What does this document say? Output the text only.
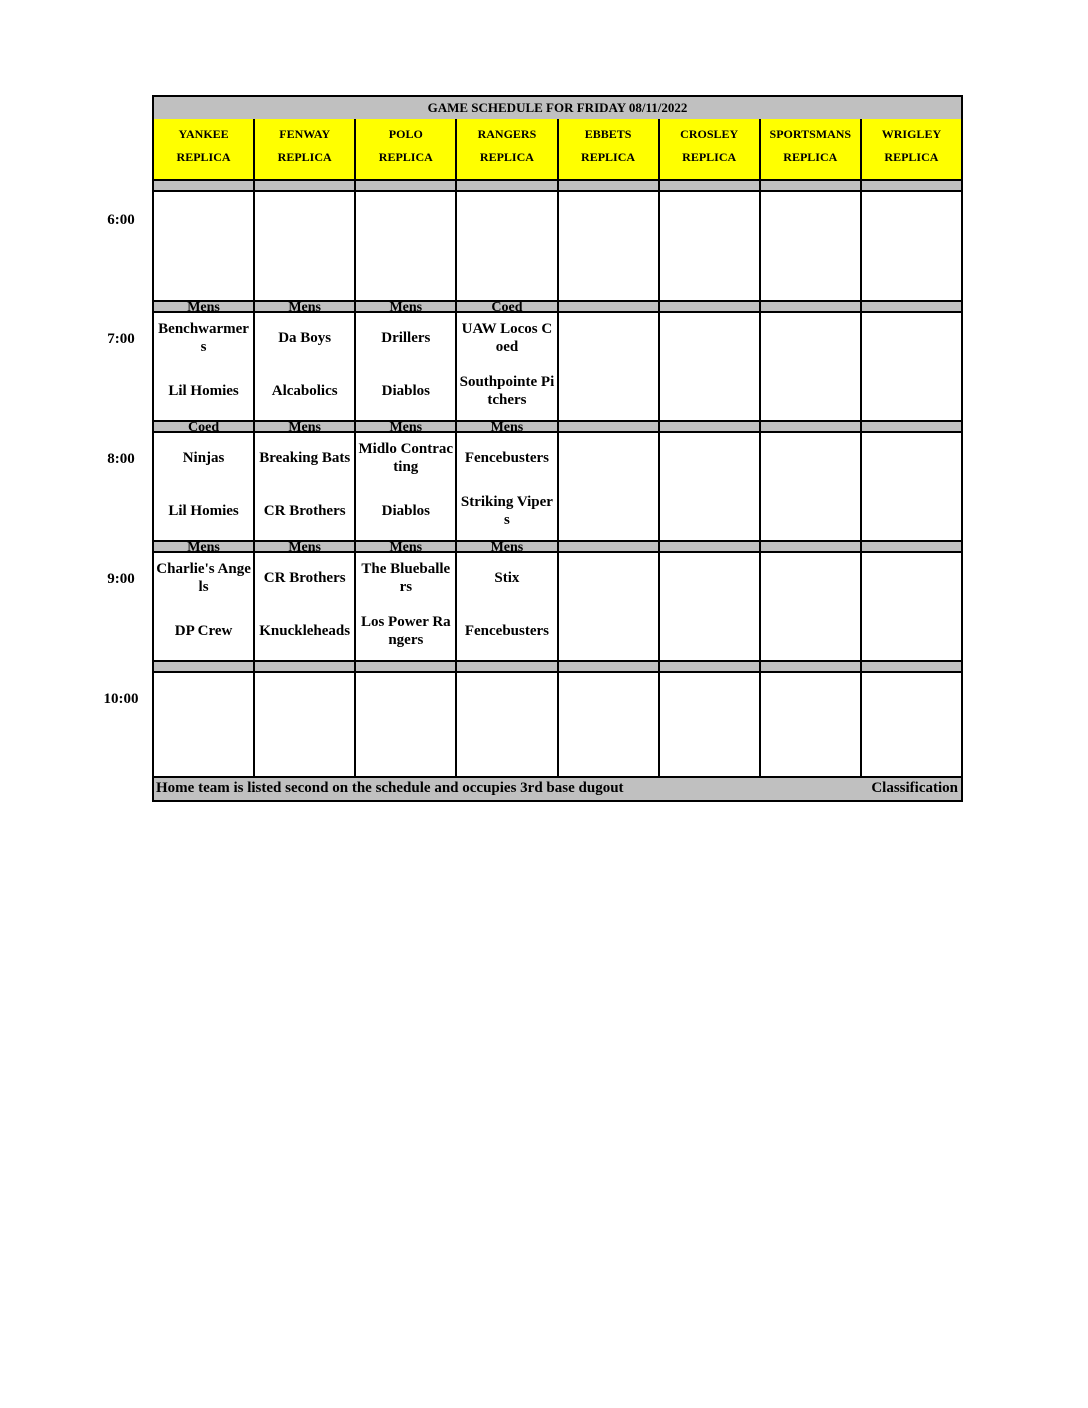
6:00
7:00
8:00
9:00
10:00
GAME SCHEDULE FOR FRIDAY 08/11/2022
YANKEE
REPLICA
Mens
Benchwarmers
Lil Homies
Coed
Ninjas
Lil Homies
Mens
Charlie's Angels
DP Crew
FENWAY
REPLICA
Mens
Da Boys
Alcabolics
Mens
Breaking Bats
CR Brothers
Mens
CR Brothers
Knuckleheads
POLO
REPLICA
Mens
Drillers
Diablos
Mens
Midlo Contracting
Diablos
Mens
The Blueballers
Los Power Rangers
RANGERS
REPLICA
Coed
UAW Locos Coed
Southpointe Pitchers
Mens
Fencebusters
Striking Vipers
Mens
Stix
Fencebusters
EBBETS
REPLICA
CROSLEY
REPLICA
SPORTSMANS
REPLICA
WRIGLEY
REPLICA
Home team is listed second on the schedule and occupies 3rd base dugout	Classification
